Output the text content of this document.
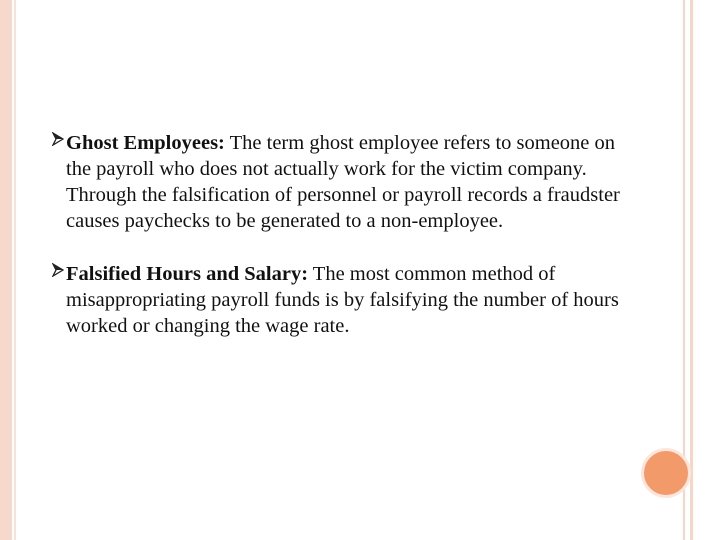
Ghost Employees: The term ghost employee refers to someone on the payroll who does not actually work for the victim company. Through the falsification of personnel or payroll records a fraudster causes paychecks to be generated to a non-employee.
Falsified Hours and Salary: The most common method of misappropriating payroll funds is by falsifying the number of hours worked or changing the wage rate.
